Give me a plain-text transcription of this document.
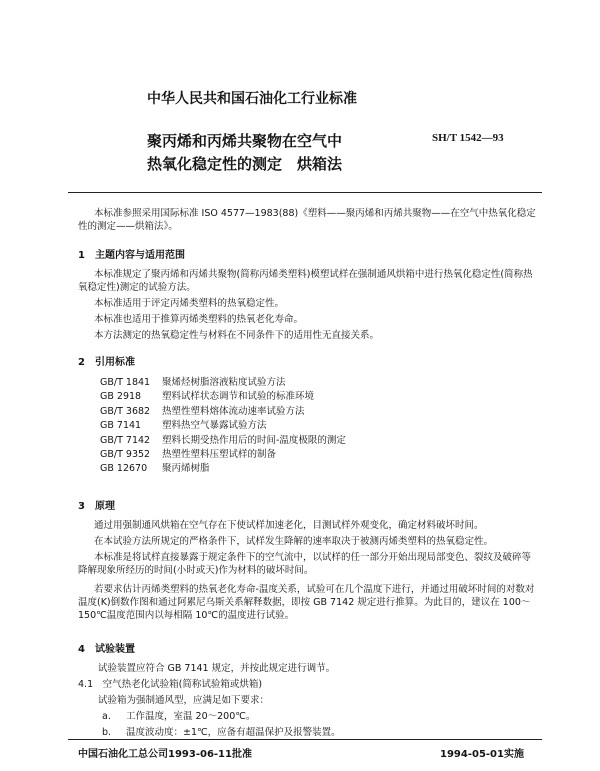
中华人民共和国石油化工行业标准
聚丙烯和丙烯共聚物在空气中
热氧化稳定性的测定　烘箱法
SH/T 1542—93
本标准参照采用国际标准 ISO 4577—1983(88)《塑料——聚丙烯和丙烯共聚物——在空气中热氧化稳定性的测定——烘箱法》。
1　主题内容与适用范围
本标准规定了聚丙烯和丙烯共聚物(简称丙烯类塑料)模塑试样在强制通风烘箱中进行热氧化稳定性(简称热氧稳定性)测定的试验方法。
本标准适用于评定丙烯类塑料的热氧稳定性。
本标准也适用于推算丙烯类塑料的热氧老化寿命。
本方法测定的热氧稳定性与材料在不同条件下的适用性无直接关系。
2　引用标准
GB/T 1841 聚烯烃树脂溶液粘度试验方法
GB 2918 塑料试样状态调节和试验的标准环境
GB/T 3682 热塑性塑料熔体流动速率试验方法
GB 7141 塑料热空气暴露试验方法
GB/T 7142 塑料长期受热作用后的时间-温度极限的测定
GB/T 9352 热塑性塑料压塑试样的制备
GB 12670 聚丙烯树脂
3　原理
通过用强制通风烘箱在空气存在下使试样加速老化，目测试样外观变化，确定材料破坏时间。
在本试验方法所规定的严格条件下，试样发生降解的速率取决于被测丙烯类塑料的热氧稳定性。
本标准是将试样直接暴露于规定条件下的空气流中，以试样的任一部分开始出现局部变色、裂纹及破碎等降解现象所经历的时间(小时或天)作为材料的破坏时间。
若要求估计丙烯类塑料的热氧老化寿命-温度关系，试验可在几个温度下进行，并通过用破坏时间的对数对温度(K)倒数作图和通过阿累尼乌斯关系解释数据，即按 GB 7142 规定进行推算。为此目的，建议在 100～150℃温度范围内以每相隔 10℃的温度进行试验。
4　试验装置
试验装置应符合 GB 7141 规定，并按此规定进行调节。
4.1　空气热老化试验箱(简称试验箱或烘箱)
试验箱为强制通风型，应满足如下要求：
a. 工作温度，室温 20～200℃。
b. 温度波动度：±1℃，应备有超温保护及报警装置。
中国石油化工总公司1993-06-11批准	1994-05-01实施
